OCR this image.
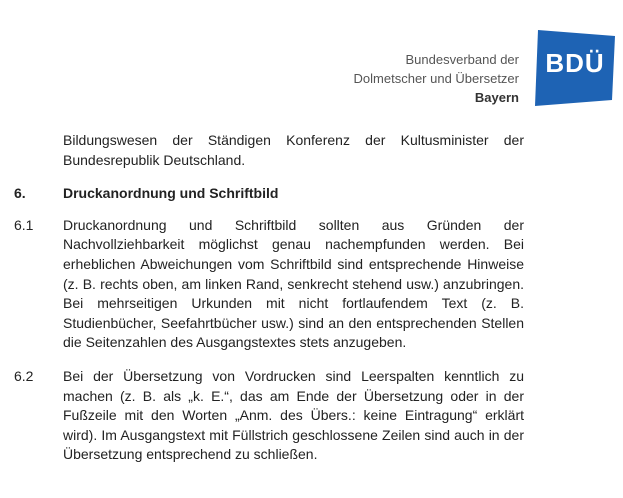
Bundesverband der
Dolmetscher und Übersetzer
Bayern
BDÜ
Bildungswesen der Ständigen Konferenz der Kultusminister der Bundesrepublik Deutschland.
6.	Druckanordnung und Schriftbild
6.1	Druckanordnung und Schriftbild sollten aus Gründen der Nachvollziehbarkeit möglichst genau nachempfunden werden. Bei erheblichen Abweichungen vom Schriftbild sind entsprechende Hinweise (z. B. rechts oben, am linken Rand, senkrecht stehend usw.) anzubringen. Bei mehrseitigen Urkunden mit nicht fortlaufendem Text (z. B. Studienbücher, Seefahrtbücher usw.) sind an den entsprechenden Stellen die Seitenzahlen des Ausgangstextes stets anzugeben.
6.2	Bei der Übersetzung von Vordrucken sind Leerspalten kenntlich zu machen (z. B. als „k. E.“, das am Ende der Übersetzung oder in der Fußzeile mit den Worten „Anm. des Übers.: keine Eintragung“ erklärt wird). Im Ausgangstext mit Füllstrich geschlossene Zeilen sind auch in der Übersetzung entsprechend zu schließen.
